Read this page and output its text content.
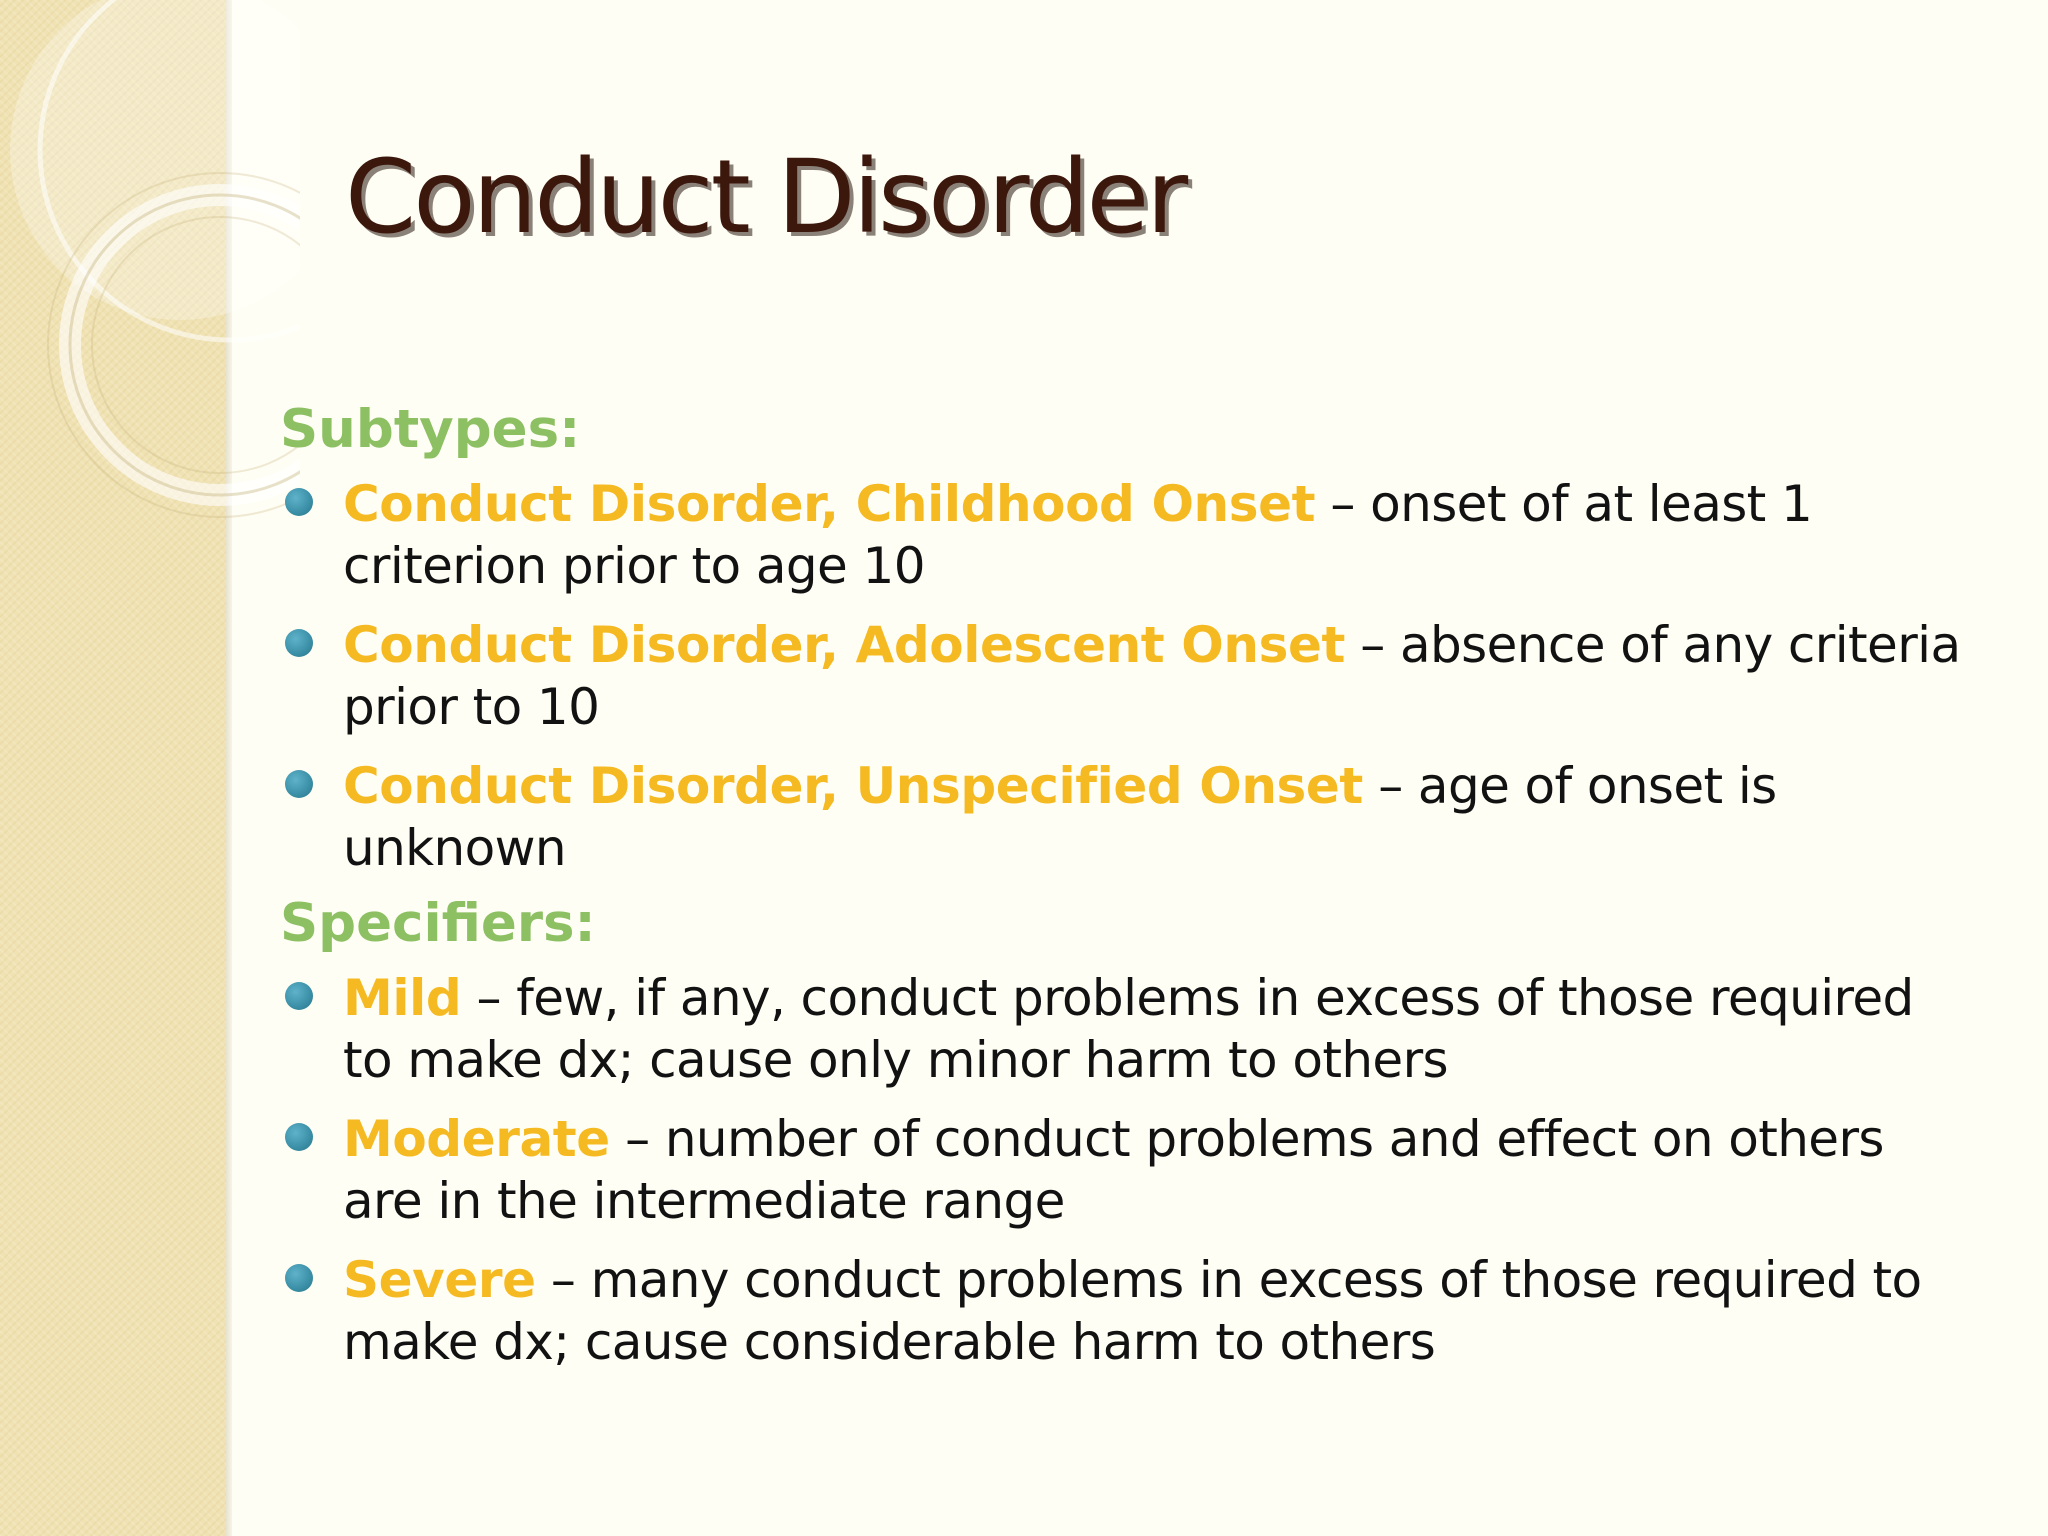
Conduct Disorder
Subtypes:
Conduct Disorder, Childhood Onset – onset of at least 1 criterion prior to age 10
Conduct Disorder, Adolescent Onset – absence of any criteria prior to 10
Conduct Disorder, Unspecified Onset – age of onset is unknown
Specifiers:
Mild – few, if any, conduct problems in excess of those required to make dx; cause only minor harm to others
Moderate – number of conduct problems and effect on others are in the intermediate range
Severe – many conduct problems in excess of those required to make dx; cause considerable harm to others
